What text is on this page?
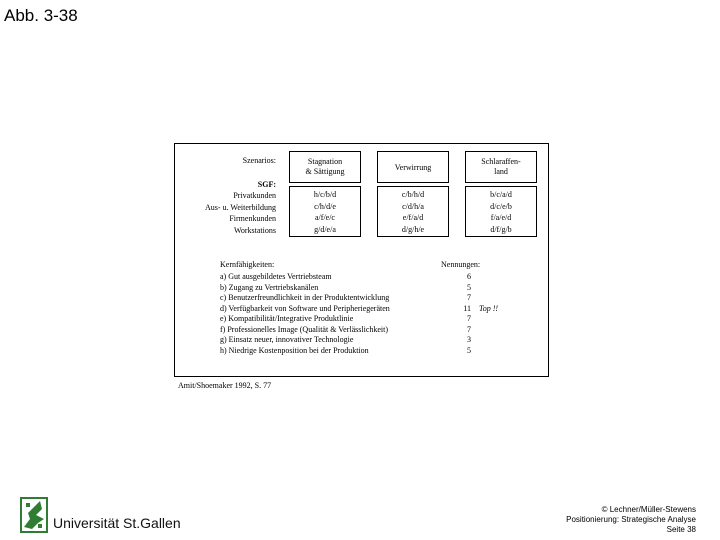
Abb. 3-38
Szenarios:
SGF:
Privatkunden
Aus- u. Weiterbildung
Firmenkunden
Workstations
Stagnation
& Sättigung	Verwirrung
Schlaraffen-
land
h/c/b/d
c/h/d/e
a/f/e/c
g/d/e/a
c/b/h/d
c/d/h/a
e/f/a/d
d/g/h/e
b/c/a/d
d/c/e/b
f/a/e/d
d/f/g/b
Kernfähigkeiten:	Nennungen:
a) Gut ausgebildetes Vertriebsteam
b) Zugang zu Vertriebskanälen
c) Benutzerfreundlichkeit in der Produktentwicklung
d) Verfügbarkeit von Software und Peripheriegeräten
e) Kompatibilität/Integrative Produktlinie
f) Professionelles Image (Qualität & Verlässlichkeit)
g) Einsatz neuer, innovativer Technologie
h) Niedrige Kostenposition bei der Produktion
6
5
7
11
7
7
3
5
Top !!
Amit/Shoemaker 1992, S. 77
Universität St.Gallen
© Lechner/Müller-Stewens
Positionierung: Strategische Analyse
Seite 38
